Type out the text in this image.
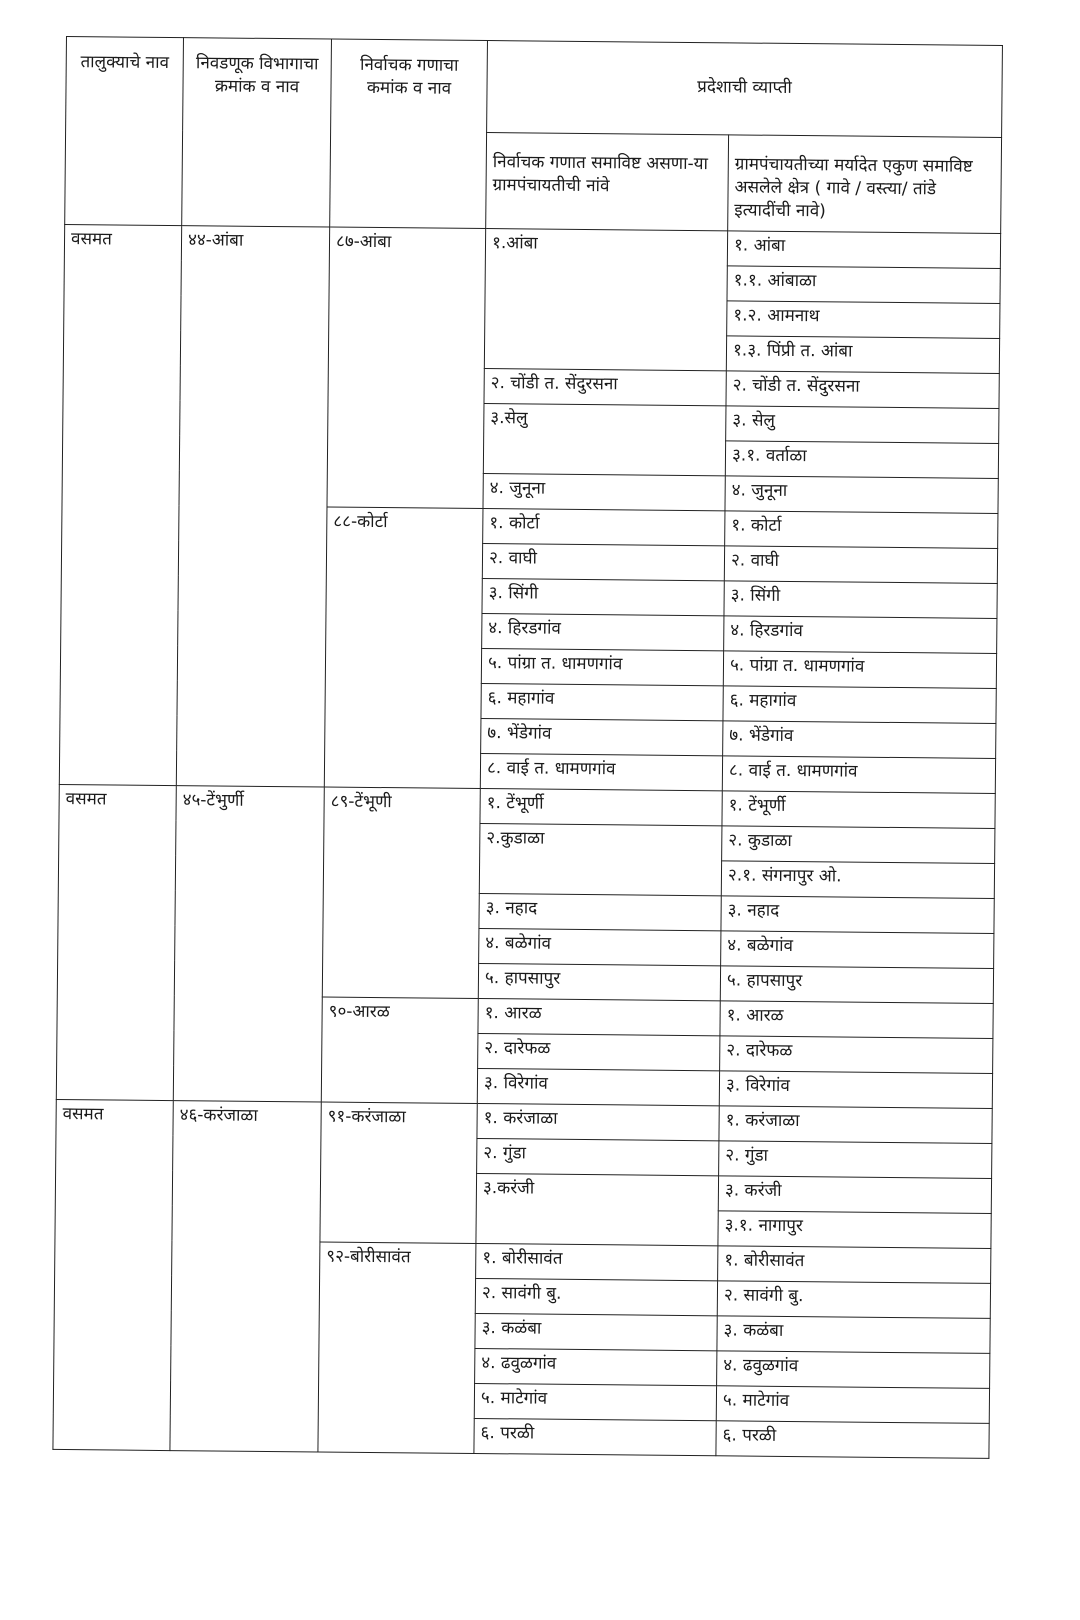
तालुक्याचे नाव	निवडणूक विभागाचा क्रमांक व नाव	निर्वाचक गणाचा कमांक व नाव	प्रदेशाची व्याप्ती	
			निर्वाचक गणात समाविष्ट असणा-या ग्रामपंचायतीची नांवे	ग्रामपंचायतीच्या मर्यादेत एकुण समाविष्ट असलेले क्षेत्र ( गावे / वस्त्या/ तांडे इत्यादींची नावे)
वसमत	४४-आंबा	८७-आंबा	१.आंबा	१. आंबा
				१.१. आंबाळा
				१.२. आमनाथ
				१.३. पिंप्री त. आंबा
			२. चोंडी त. सेंदुरसना	२. चोंडी त. सेंदुरसना
			३.सेलु	३. सेलु
				३.१. वर्ताळा
			४. जुनूना	४. जुनूना
		८८-कोर्टा	१. कोर्टा	१. कोर्टा
			२. वाघी	२. वाघी
			३. सिंगी	३. सिंगी
			४. हिरडगांव	४. हिरडगांव
			५. पांग्रा त. धामणगांव	५. पांग्रा त. धामणगांव
			६. महागांव	६. महागांव
			७. भेंडेगांव	७. भेंडेगांव
			८. वाई त. धामणगांव	८. वाई त. धामणगांव
वसमत	४५-टेंभुर्णी	८९-टेंभूणी	१. टेंभूर्णी	१. टेंभूर्णी
			२.कुडाळा	२. कुडाळा
				२.१. संगनापुर ओ.
			३. नहाद	३. नहाद
			४. बळेगांव	४. बळेगांव
			५. हापसापुर	५. हापसापुर
		९०-आरळ	१. आरळ	१. आरळ
			२. दारेफळ	२. दारेफळ
			३. विरेगांव	३. विरेगांव
वसमत	४६-करंजाळा	९१-करंजाळा	१. करंजाळा	१. करंजाळा
			२. गुंडा	२. गुंडा
			३.करंजी	३. करंजी
				३.१. नागापुर
		९२-बोरीसावंत	१. बोरीसावंत	१. बोरीसावंत
			२. सावंगी बु.	२. सावंगी बु.
			३. कळंबा	३. कळंबा
			४. ढवुळगांव	४. ढवुळगांव
			५. माटेगांव	५. माटेगांव
			६. परळी	६. परळी
